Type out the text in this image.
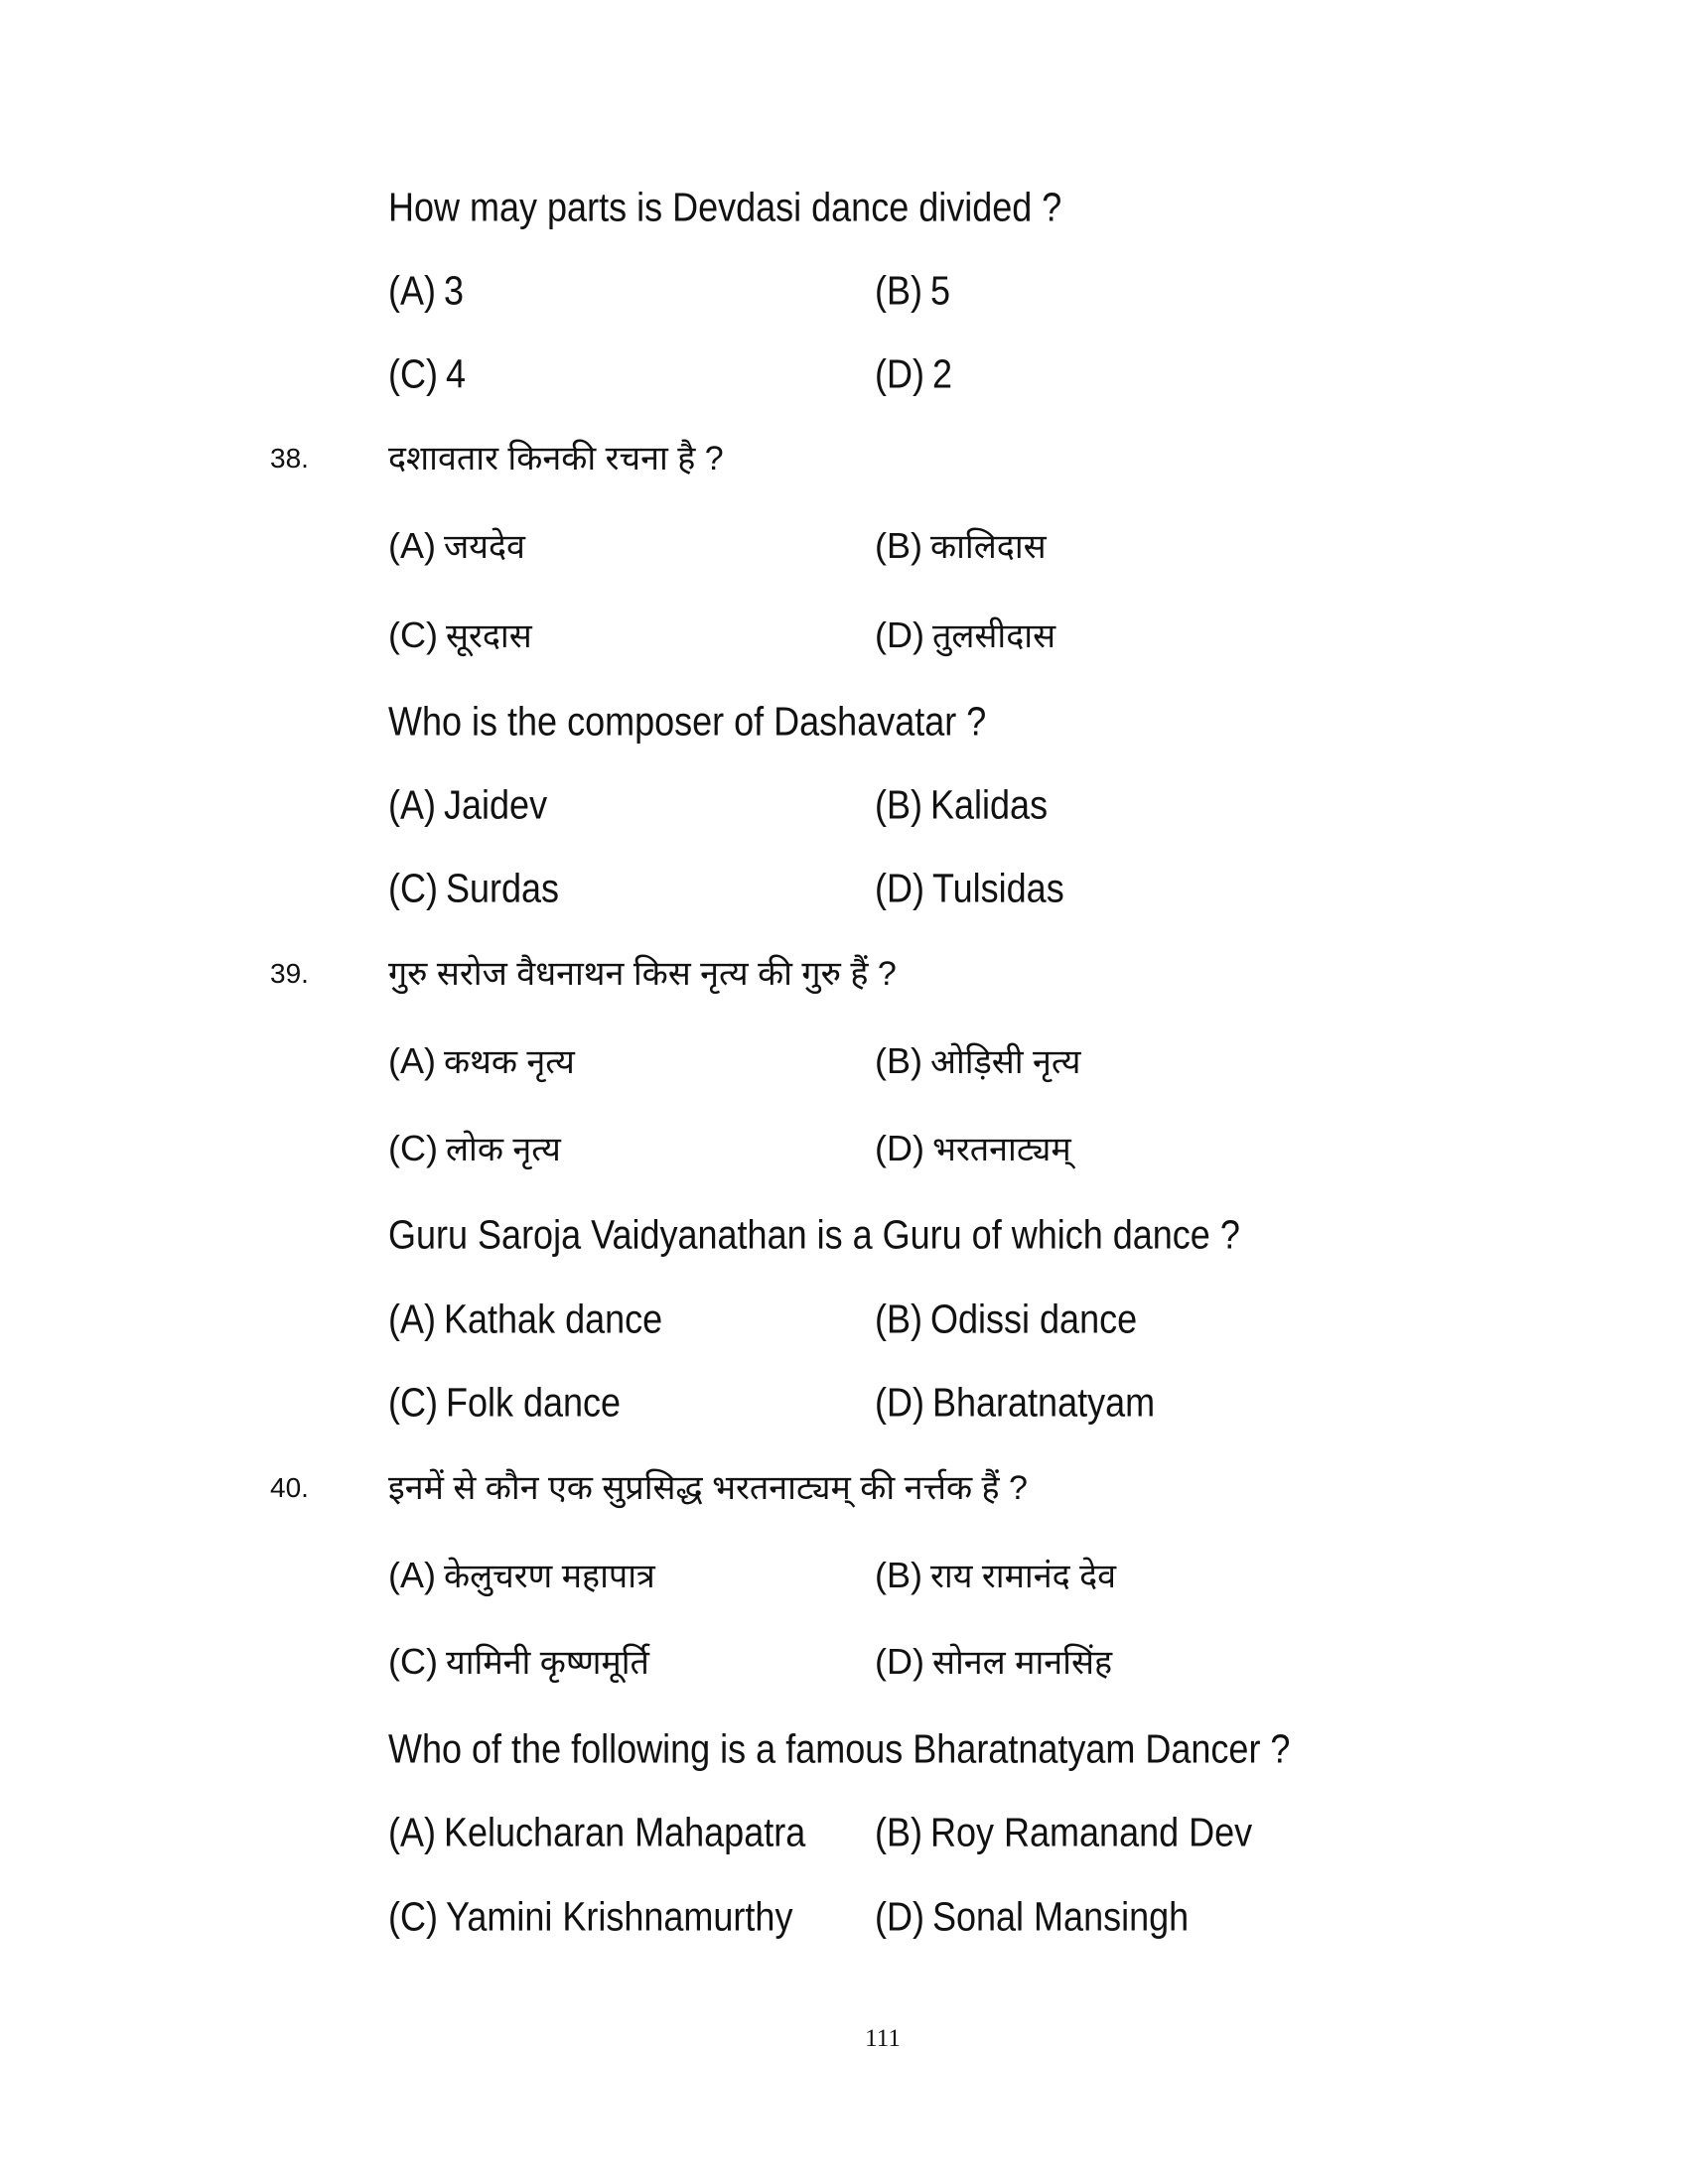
How may parts is Devdasi dance divided ?
(A) 3	(B) 5
(C) 4	(D) 2
38. दशावतार किनकी रचना है ?
(A) जयदेव	(B) कालिदास
(C) सूरदास	(D) तुलसीदास
Who is the composer of Dashavatar ?
(A) Jaidev	(B) Kalidas
(C) Surdas	(D) Tulsidas
39. गुरु सरोज वैधनाथन किस नृत्य की गुरु हैं ?
(A) कथक नृत्य	(B) ओड़िसी नृत्य
(C) लोक नृत्य	(D) भरतनाट्यम्
Guru Saroja Vaidyanathan is a Guru of which dance ?
(A) Kathak dance	(B) Odissi dance
(C) Folk dance	(D) Bharatnatyam
40. इनमें से कौन एक सुप्रसिद्ध भरतनाट्यम् की नर्त्तक हैं ?
(A) केलुचरण महापात्र	(B) राय रामानंद देव
(C) यामिनी कृष्णमूर्ति	(D) सोनल मानसिंह
Who of the following is a famous Bharatnatyam Dancer ?
(A) Kelucharan Mahapatra (B) Roy Ramanand Dev
(C) Yamini Krishnamurthy (D) Sonal Mansingh
111
